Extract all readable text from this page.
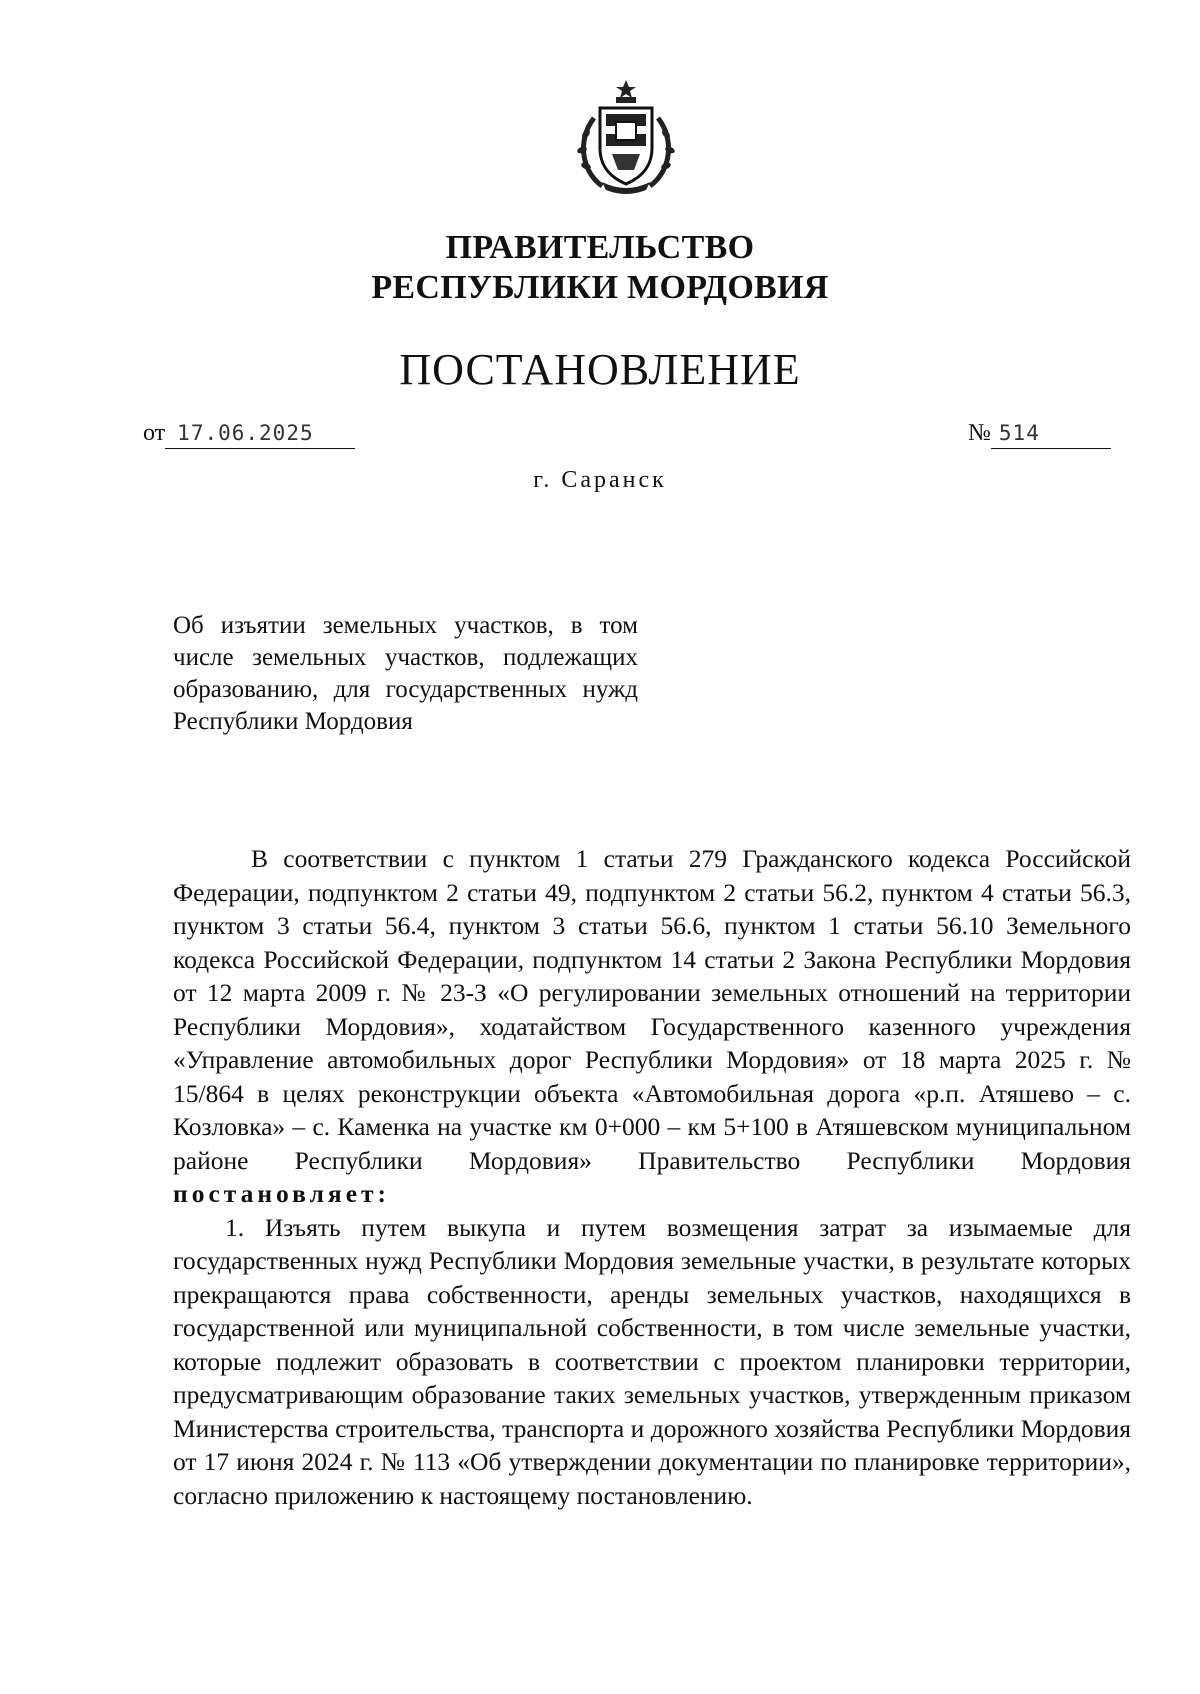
ПРАВИТЕЛЬСТВО
РЕСПУБЛИКИ МОРДОВИЯ
ПОСТАНОВЛЕНИЕ
от 17.06.2025	№ 514
г. Саранск
Об изъятии земельных участков, в том числе земельных участков, подлежащих образованию, для государственных нужд Республики Мордовия

В соответствии с пунктом 1 статьи 279 Гражданского кодекса Российской Федерации, подпунктом 2 статьи 49, подпунктом 2 статьи 56.2, пунктом 4 статьи 56.3, пунктом 3 статьи 56.4, пунктом 3 статьи 56.6, пунктом 1 статьи 56.10 Земельного кодекса Российской Федерации, подпунктом 14 статьи 2 Закона Республики Мордовия от 12 марта 2009 г. № 23-З «О регулировании земельных отношений на территории Республики Мордовия», ходатайством Государственного казенного учреждения «Управление автомобильных дорог Республики Мордовия» от 18 марта 2025 г. № 15/864 в целях реконструкции объекта «Автомобильная дорога «р.п. Атяшево – с. Козловка» – с. Каменка на участке км 0+000 – км 5+100 в Атяшевском муниципальном районе Республики Мордовия» Правительство Республики Мордовия постановляет:

1. Изъять путем выкупа и путем возмещения затрат за изымаемые для государственных нужд Республики Мордовия земельные участки, в результате которых прекращаются права собственности, аренды земельных участков, находящихся в государственной или муниципальной собственности, в том числе земельные участки, которые подлежит образовать в соответствии с проектом планировки территории, предусматривающим образование таких земельных участков, утвержденным приказом Министерства строительства, транспорта и дорожного хозяйства Республики Мордовия от 17 июня 2024 г. № 113 «Об утверждении документации по планировке территории», согласно приложению к настоящему постановлению.
